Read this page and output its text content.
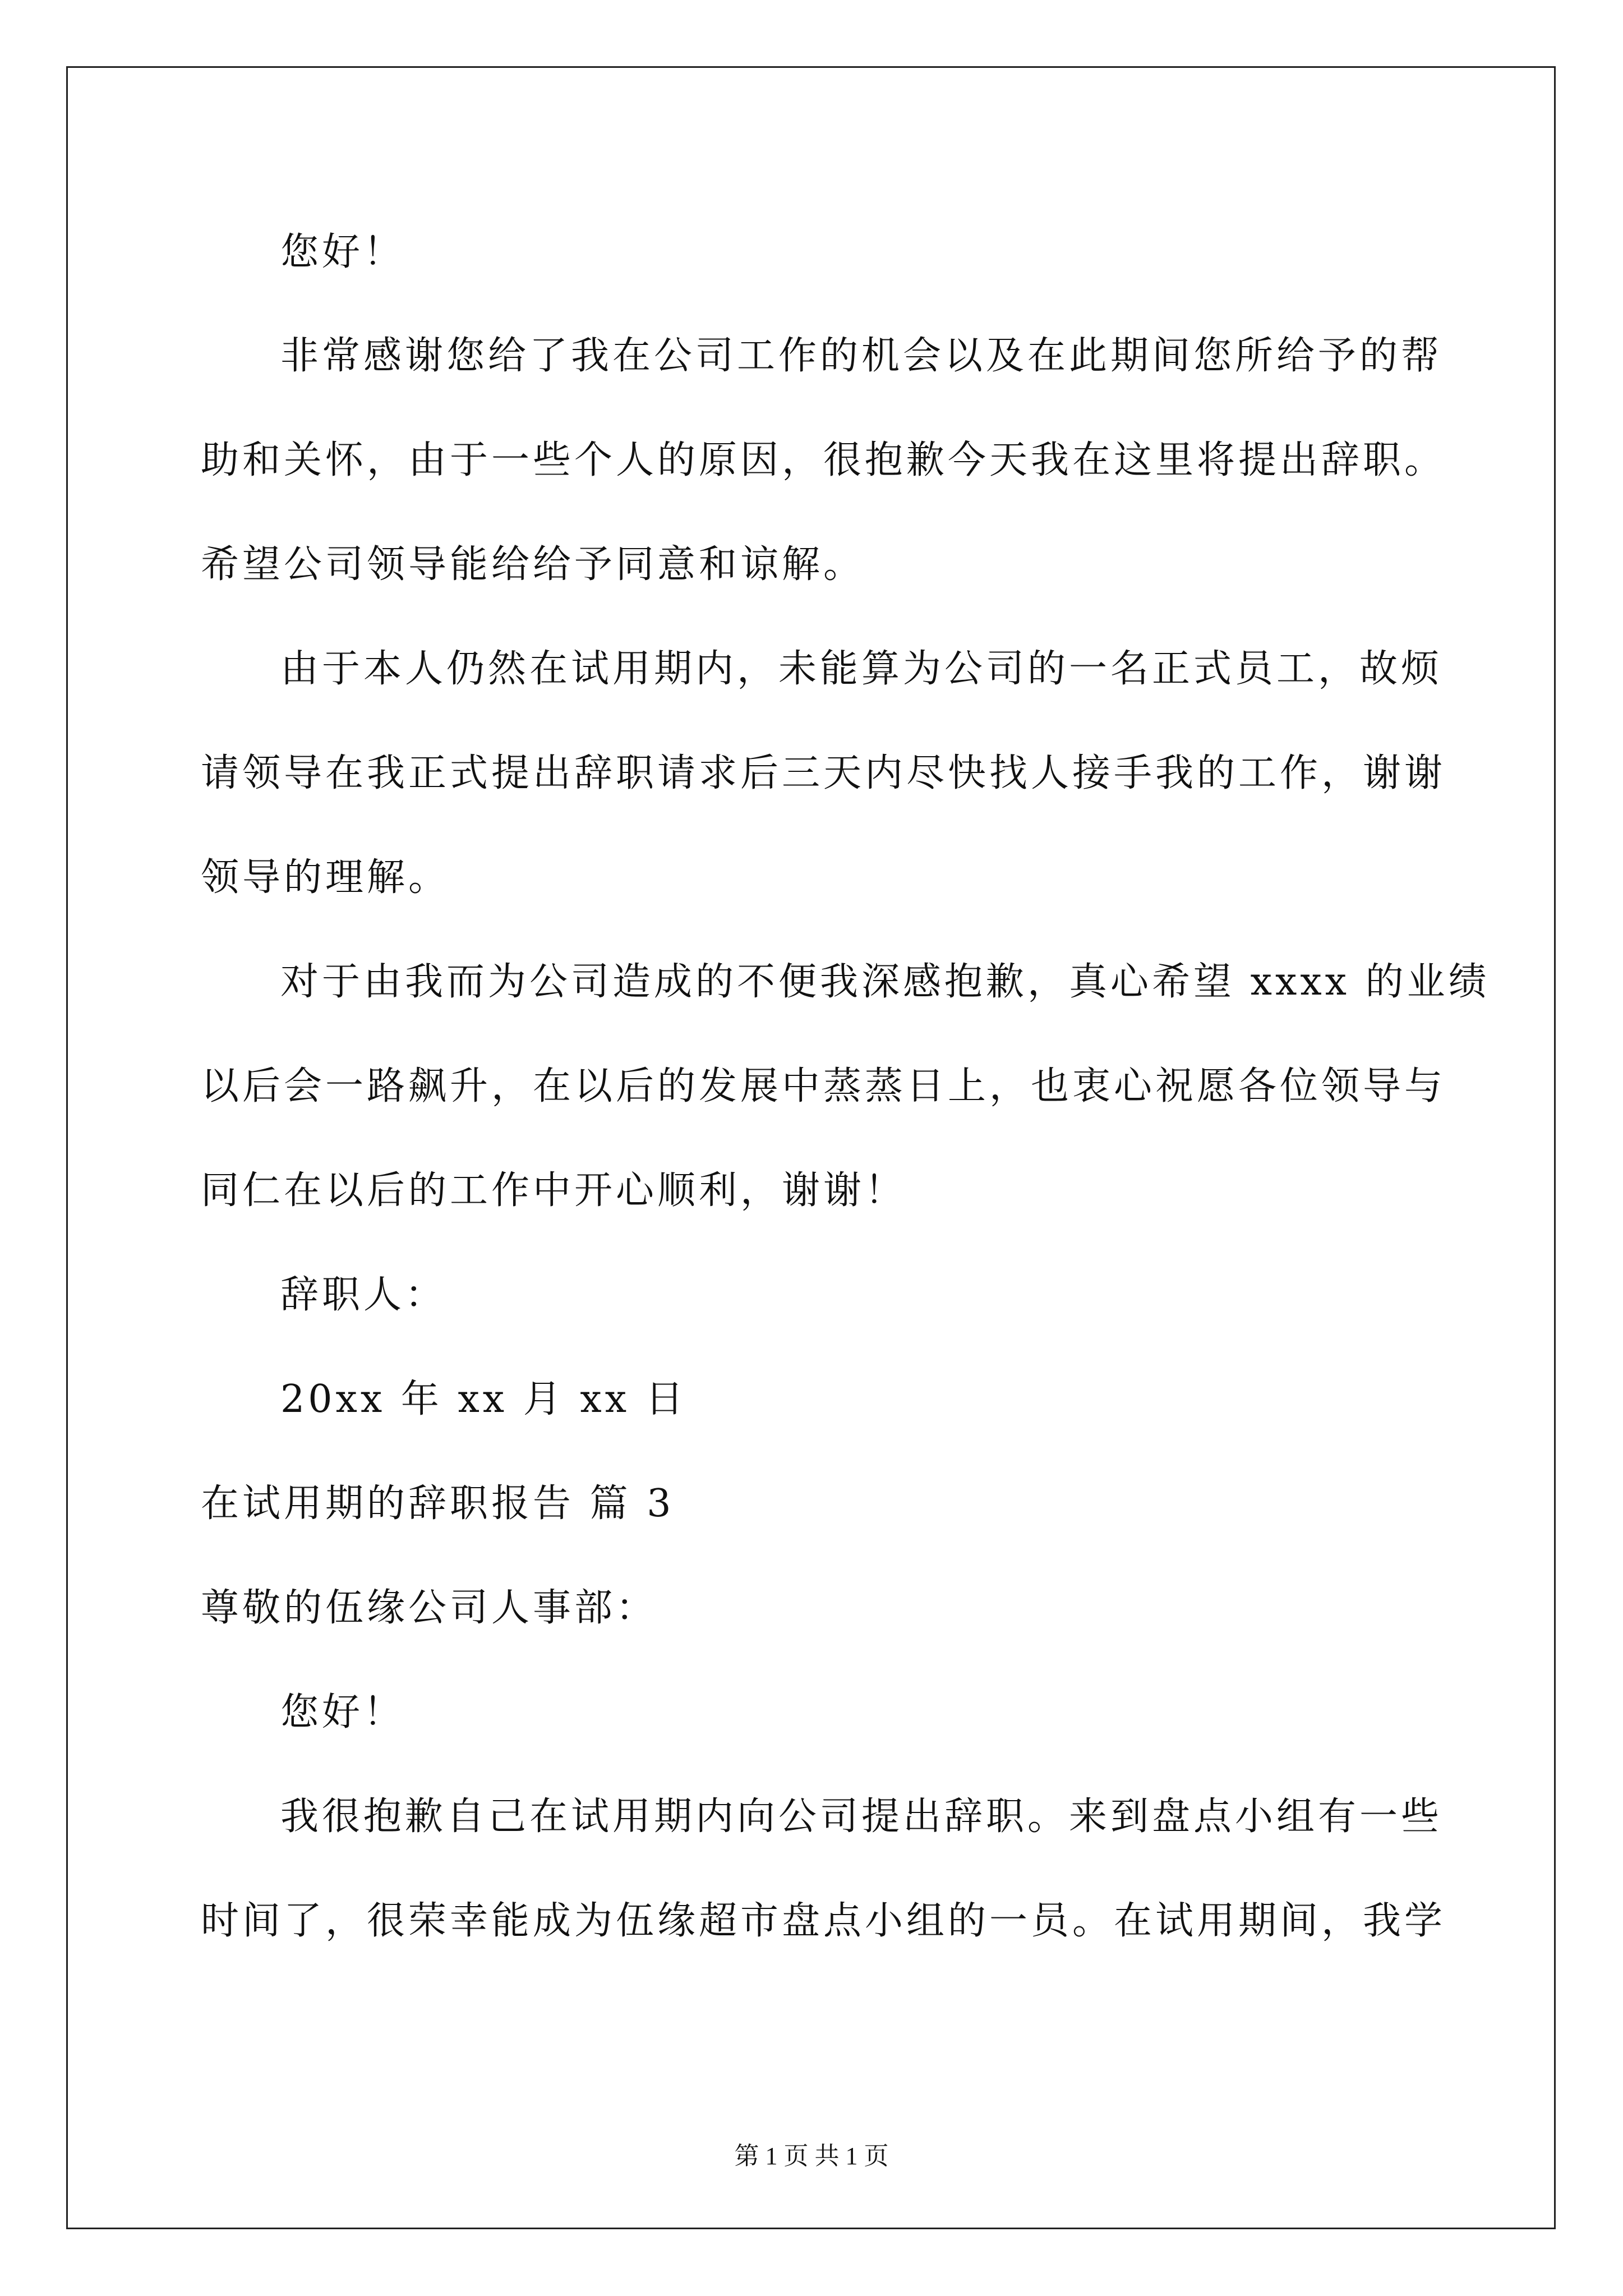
您好！
非常感谢您给了我在公司工作的机会以及在此期间您所给予的帮
助和关怀，由于一些个人的原因，很抱歉今天我在这里将提出辞职。
希望公司领导能给给予同意和谅解。
由于本人仍然在试用期内，未能算为公司的一名正式员工，故烦
请领导在我正式提出辞职请求后三天内尽快找人接手我的工作，谢谢
领导的理解。
对于由我而为公司造成的不便我深感抱歉，真心希望 xxxx 的业绩
以后会一路飙升，在以后的发展中蒸蒸日上，也衷心祝愿各位领导与
同仁在以后的工作中开心顺利，谢谢！
辞职人：
20xx 年 xx 月 xx 日
在试用期的辞职报告 篇 3
尊敬的伍缘公司人事部：
您好！
我很抱歉自己在试用期内向公司提出辞职。来到盘点小组有一些
时间了，很荣幸能成为伍缘超市盘点小组的一员。在试用期间，我学
第 1 页 共 1 页
